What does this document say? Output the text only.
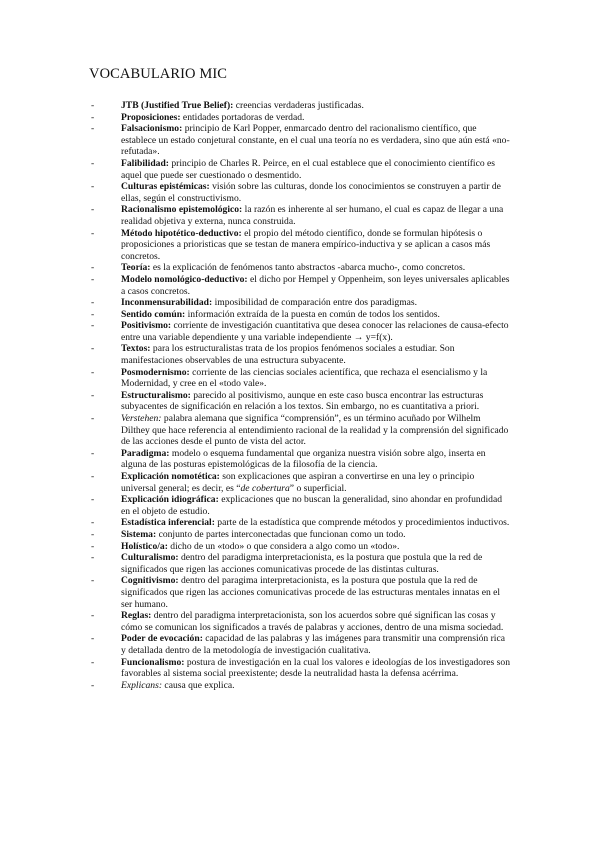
VOCABULARIO MIC
-	JTB (Justified True Belief): creencias verdaderas justificadas.
-	Proposiciones: entidades portadoras de verdad.
-	Falsacionismo: principio de Karl Popper, enmarcado dentro del racionalismo científico, que establece un estado conjetural constante, en el cual una teoría no es verdadera, sino que aún está «no-refutada».
-	Falibilidad: principio de Charles R. Peirce, en el cual establece que el conocimiento científico es aquel que puede ser cuestionado o desmentido.
-	Culturas epistémicas: visión sobre las culturas, donde los conocimientos se construyen a partir de ellas, según el constructivismo.
-	Racionalismo epistemológico: la razón es inherente al ser humano, el cual es capaz de llegar a una realidad objetiva y externa, nunca construida.
-	Método hipotético-deductivo: el propio del método científico, donde se formulan hipótesis o proposiciones a prioristicas que se testan de manera empírico-inductiva y se aplican a casos más concretos.
-	Teoría: es la explicación de fenómenos tanto abstractos -abarca mucho-, como concretos.
-	Modelo nomológico-deductivo: el dicho por Hempel y Oppenheim, son leyes universales aplicables a casos concretos.
-	Inconmensurabilidad: imposibilidad de comparación entre dos paradigmas.
-	Sentido común: información extraída de la puesta en común de todos los sentidos.
-	Positivismo: corriente de investigación cuantitativa que desea conocer las relaciones de causa-efecto entre una variable dependiente y una variable independiente → y=f(x).
-	Textos: para los estructuralistas trata de los propios fenómenos sociales a estudiar. Son manifestaciones observables de una estructura subyacente.
-	Posmodernismo: corriente de las ciencias sociales acientífica, que rechaza el esencialismo y la Modernidad, y cree en el «todo vale».
-	Estructuralismo: parecido al positivismo, aunque en este caso busca encontrar las estructuras subyacentes de significación en relación a los textos. Sin embargo, no es cuantitativa a priori.
-	Verstehen: palabra alemana que significa “comprensión”, es un término acuñado por Wilhelm Dilthey que hace referencia al entendimiento racional de la realidad y la comprensión del significado de las acciones desde el punto de vista del actor.
-	Paradigma: modelo o esquema fundamental que organiza nuestra visión sobre algo, inserta en alguna de las posturas epistemológicas de la filosofía de la ciencia.
-	Explicación nomotética: son explicaciones que aspiran a convertirse en una ley o principio universal general; es decir, es “de cobertura” o superficial.
-	Explicación idiográfica: explicaciones que no buscan la generalidad, sino ahondar en profundidad en el objeto de estudio.
-	Estadística inferencial: parte de la estadística que comprende métodos y procedimientos inductivos.
-	Sistema: conjunto de partes interconectadas que funcionan como un todo.
-	Holístico/a: dicho de un «todo» o que considera a algo como un «todo».
-	Culturalismo: dentro del paradigma interpretacionista, es la postura que postula que la red de significados que rigen las acciones comunicativas procede de las distintas culturas.
-	Cognitivismo: dentro del paragima interpretacionista, es la postura que postula que la red de significados que rigen las acciones comunicativas procede de las estructuras mentales innatas en el ser humano.
-	Reglas: dentro del paradigma interpretacionista, son los acuerdos sobre qué significan las cosas y cómo se comunican los significados a través de palabras y acciones, dentro de una misma sociedad.
-	Poder de evocación: capacidad de las palabras y las imágenes para transmitir una comprensión rica y detallada dentro de la metodología de investigación cualitativa.
-	Funcionalismo: postura de investigación en la cual los valores e ideologías de los investigadores son favorables al sistema social preexistente; desde la neutralidad hasta la defensa acérrima.
-	Explicans: causa que explica.
